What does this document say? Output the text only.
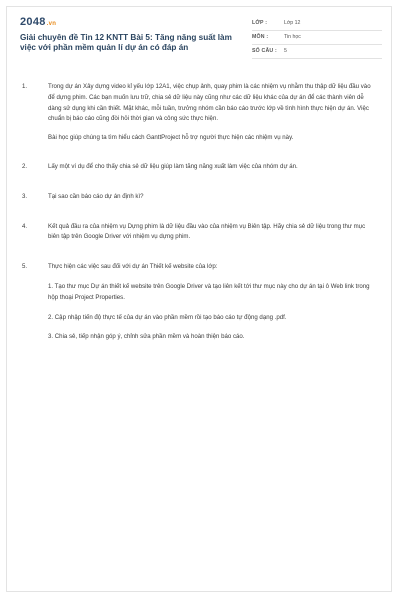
2048.vn
Giải chuyên đề Tin 12 KNTT Bài 5: Tăng năng suất làm việc với phần mềm quản lí dự án có đáp án
LỚP :	Lớp 12
MÔN :	Tin học
SỐ CÂU :	5
1.	Trong dự án Xây dựng video kỉ yếu lớp 12A1, việc chụp ảnh, quay phim là các nhiệm vụ nhằm thu thập dữ liệu đầu vào để dựng phim. Các bạn muốn lưu trữ, chia sẻ dữ liệu này cũng như các dữ liệu khác của dự án để các thành viên dễ dàng sử dụng khi cần thiết. Mặt khác, mỗi tuần, trưởng nhóm cần báo cáo trước lớp về tình hình thực hiện dự án. Việc chuẩn bị báo cáo cũng đòi hỏi thời gian và công sức thực hiện.

Bài học giúp chúng ta tìm hiểu cách GanttProject hỗ trợ người thực hiện các nhiệm vụ này.

2.	Lấy một ví dụ để cho thấy chia sẻ dữ liệu giúp làm tăng năng xuất làm việc của nhóm dự án.

3.	Tại sao cần báo cáo dự án định kì?

4.	Kết quả đầu ra của nhiệm vụ Dựng phim là dữ liệu đầu vào của nhiệm vụ Biên tập. Hãy chia sẻ dữ liệu trong thư mục biên tập trên Google Driver với nhiệm vụ dựng phim.

5.	Thực hiện các việc sau đối với dự án Thiết kế website của lớp:

1. Tạo thư mục Dự án thiết kế website trên Google Driver và tạo liên kết tới thư mục này cho dự án tại ô Web link trong hộp thoại Project Properties.

2. Cập nhập tiến độ thực tế của dự án vào phần mềm rồi tạo báo cáo tự động dạng .pdf.

3. Chia sẻ, tiếp nhận góp ý, chỉnh sửa phần mềm và hoàn thiện báo cáo.
